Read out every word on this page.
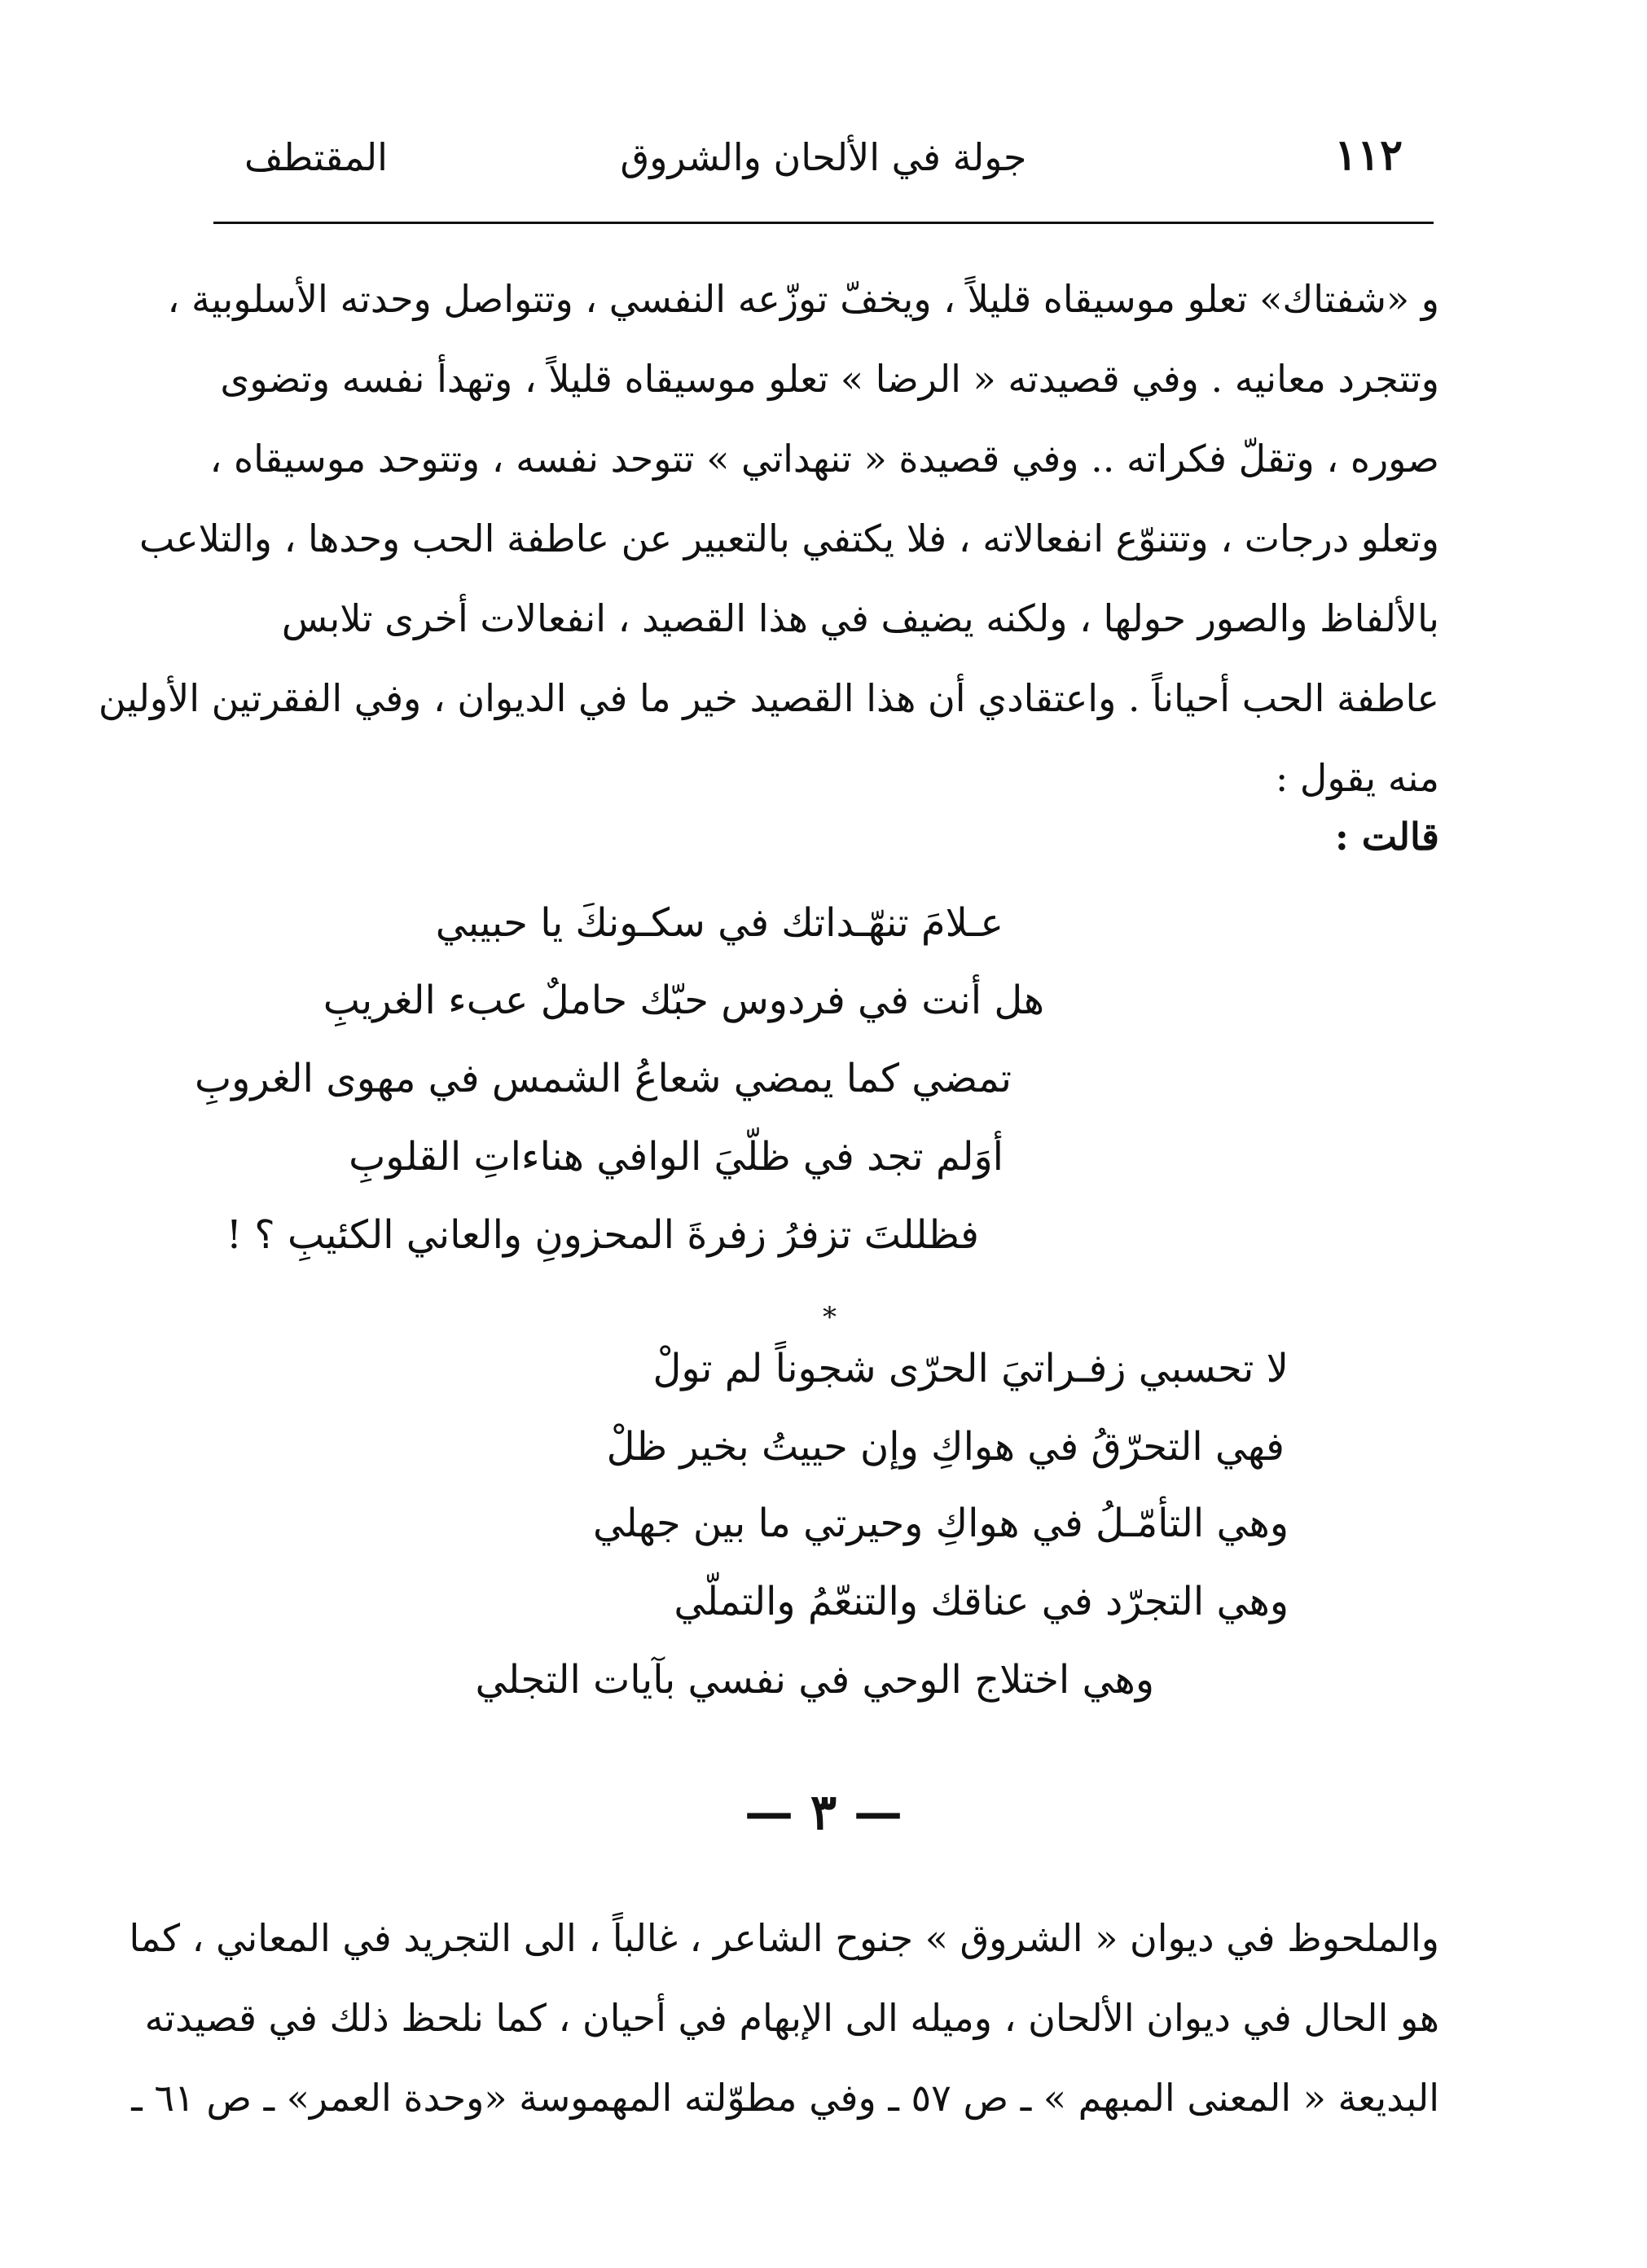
١١٢
جولة في الألحان والشروق
المقتطف

و «شفتاك» تعلو موسيقاه قليلاً ، ويخفّ توزّعه النفسي ، وتتواصل وحدته الأسلوبية ،

وتتجرد معانيه . وفي قصيدته « الرضا » تعلو موسيقاه قليلاً ، وتهدأ نفسه وتضوى

صوره ، وتقلّ فكراته .. وفي قصيدة « تنهداتي » تتوحد نفسه ، وتتوحد موسيقاه ،

وتعلو درجات ، وتتنوّع انفعالاته ، فلا يكتفي بالتعبير عن عاطفة الحب وحدها ، والتلاعب

بالألفاظ والصور حولها ، ولكنه يضيف في هذا القصيد ، انفعالات أخرى تلابس

عاطفة الحب أحياناً . واعتقادي أن هذا القصيد خير ما في الديوان ، وفي الفقرتين الأولين

منه يقول :

قالت :
عـلامَ تنهّـداتك في سكـونكَ يا حبيبي
هل أنت في فردوس حبّك حاملٌ عبء الغريبِ
تمضي كما يمضي شعاعُ الشمس في مهوى الغروبِ
أوَلم تجد في ظلّيَ الوافي هناءاتِ القلوبِ
فظللتَ تزفرُ زفرةَ المحزونِ والعاني الكئيبِ ؟ !
*
لا تحسبي زفـراتيَ الحرّى شجوناً لم تولْ
فهي التحرّقُ في هواكِ وإن حييتُ بخير ظلْ
وهي التأمّـلُ في هواكِ وحيرتي ما بين جهلي
وهي التجرّد في عناقك والتنعّمُ والتملّي
وهي اختلاج الوحي في نفسي بآيات التجلي
— ٣ —

والملحوظ في ديوان « الشروق » جنوح الشاعر ، غالباً ، الى التجريد في المعاني ، كما

هو الحال في ديوان الألحان ، وميله الى الإبهام في أحيان ، كما نلحظ ذلك في قصيدته

البديعة « المعنى المبهم » ـ ص ٥٧ ـ وفي مطوّلته المهموسة «وحدة العمر» ـ ص ٦١ ـ
